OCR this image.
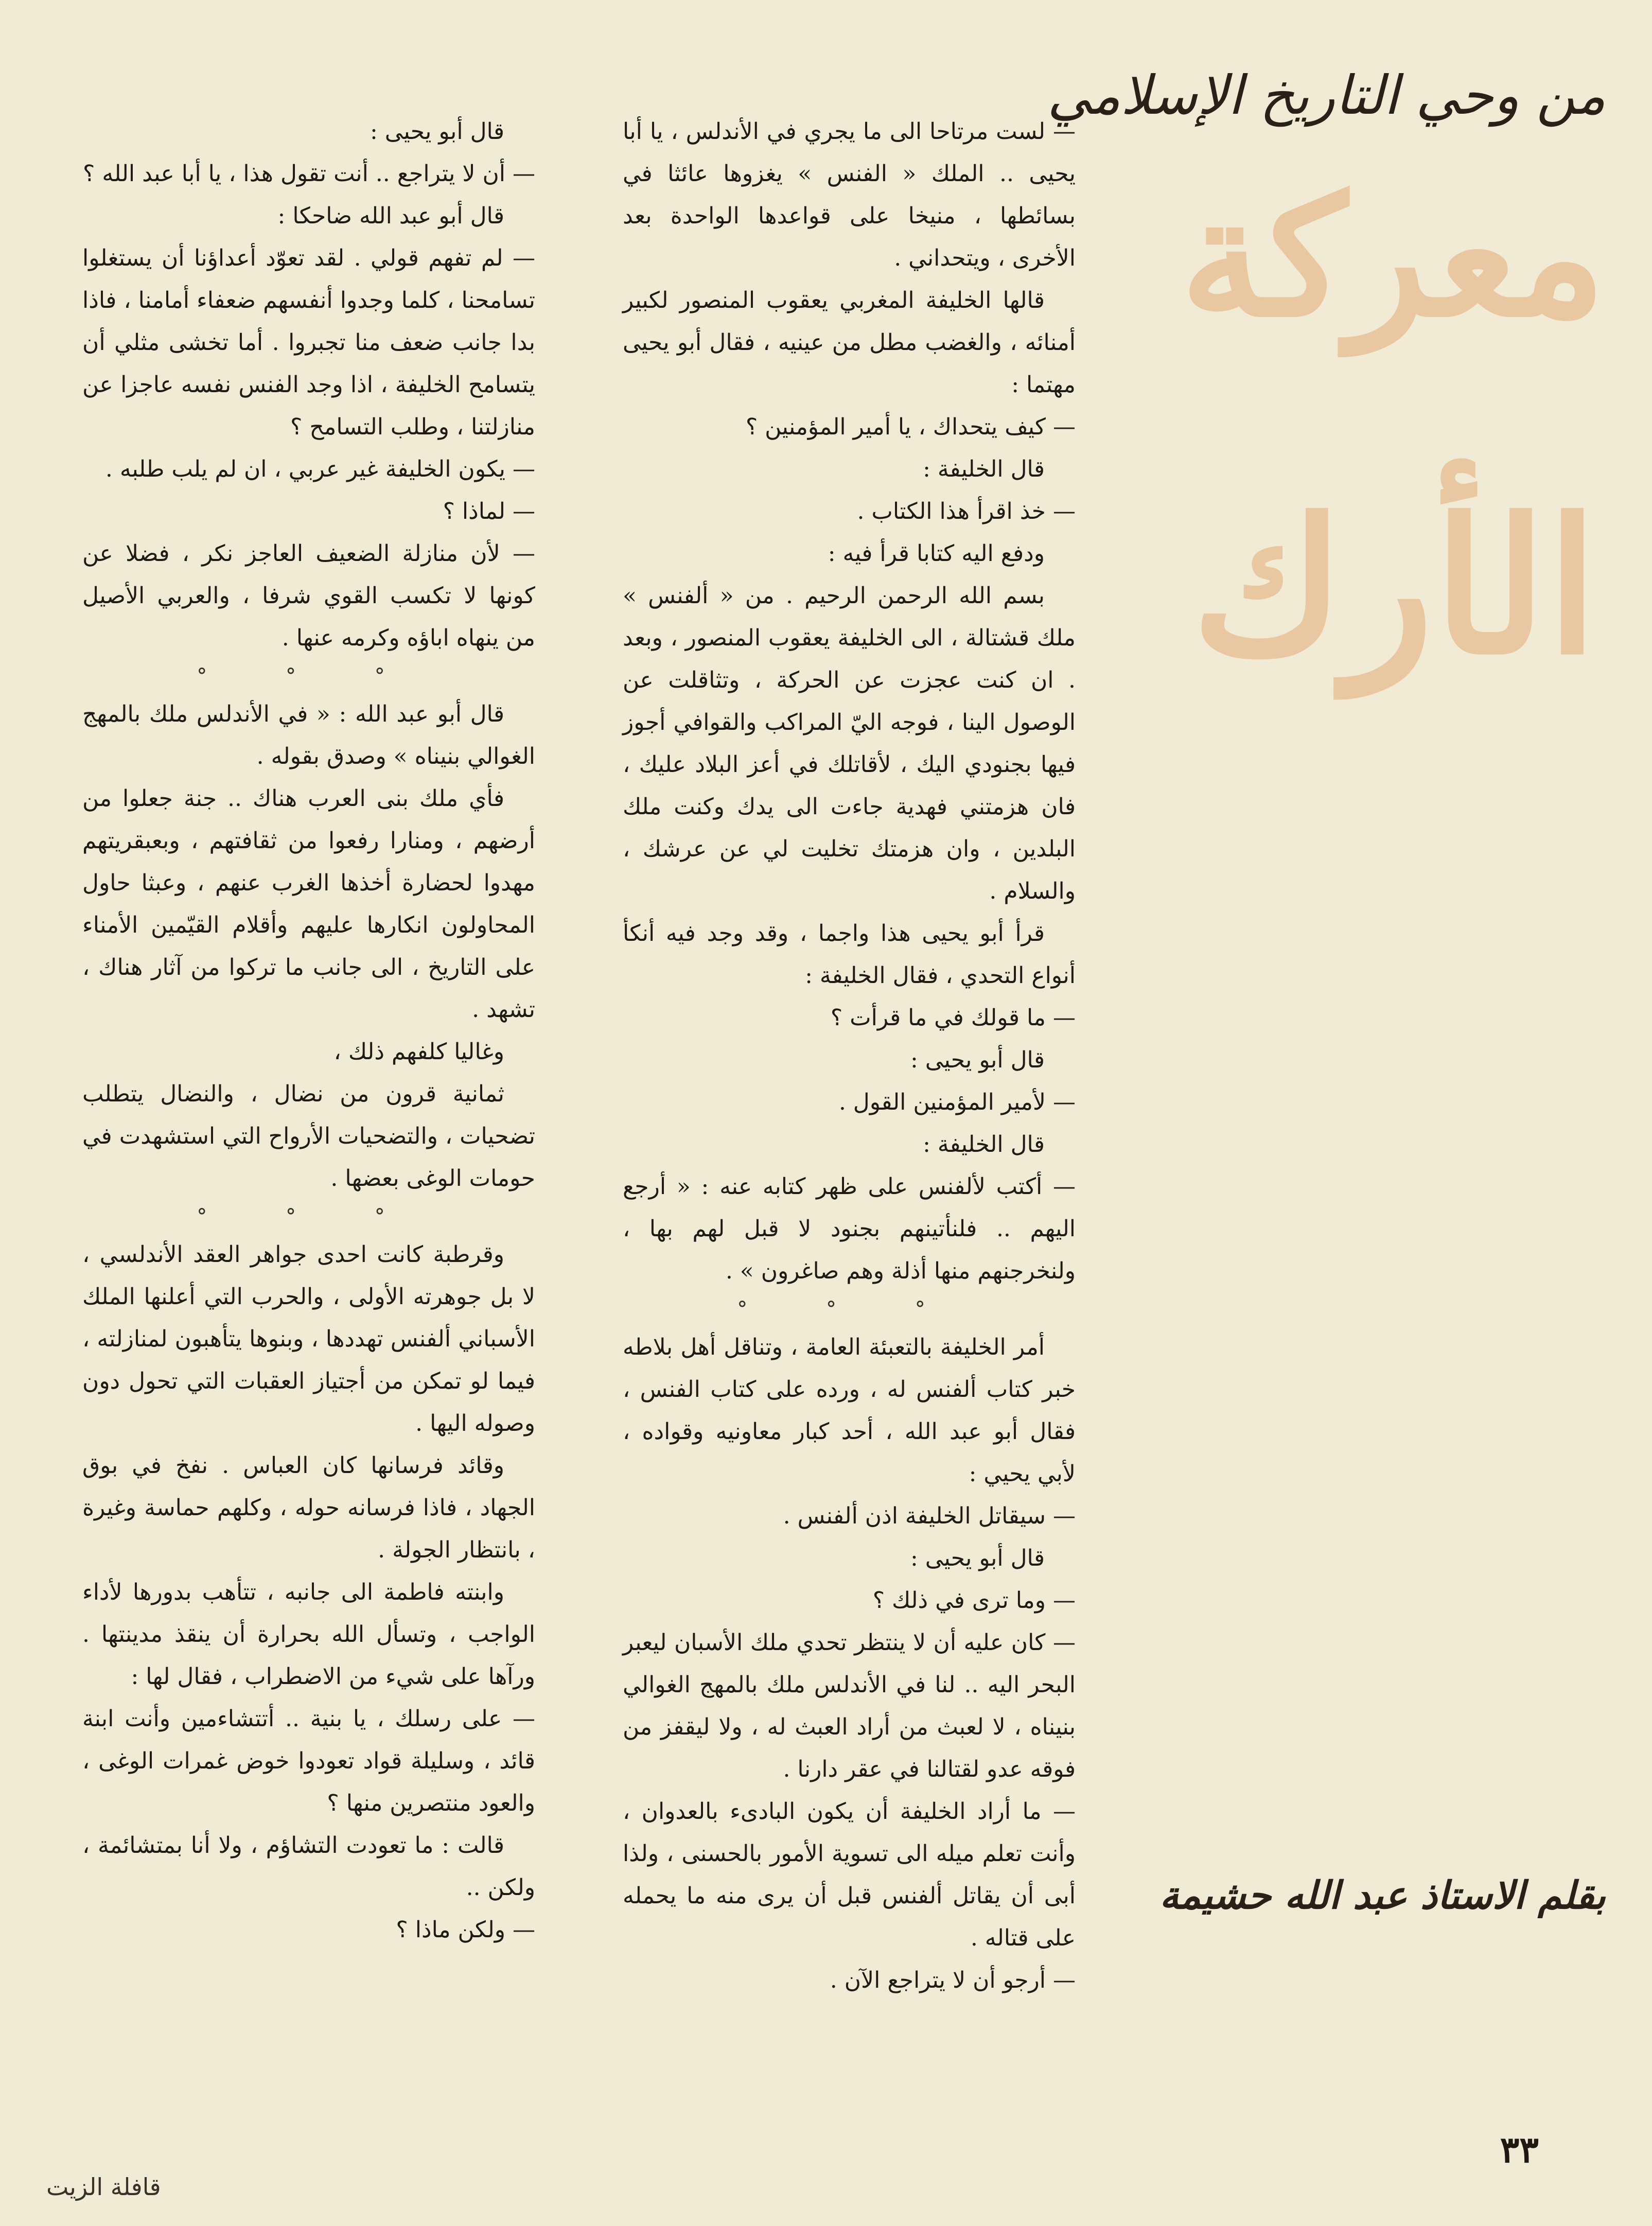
من وحي التاريخ الإسلامي
معركة
الأرك
بقلم الاستاذ عبد الله حشيمة

— لست مرتاحا الى ما يجري في الأندلس ، يا أبا يحيى .. الملك « الفنس » يغزوها عائثا في بسائطها ، منيخا على قواعدها الواحدة بعد الأخرى ، ويتحداني .

قالها الخليفة المغربي يعقوب المنصور لكبير أمنائه ، والغضب مطل من عينيه ، فقال أبو يحيى مهتما :

— كيف يتحداك ، يا أمير المؤمنين ؟

قال الخليفة :

— خذ اقرأ هذا الكتاب .

ودفع اليه كتابا قرأ فيه :

بسم الله الرحمن الرحيم . من « ألفنس » ملك قشتالة ، الى الخليفة يعقوب المنصور ، وبعد . ان كنت عجزت عن الحركة ، وتثاقلت عن الوصول الينا ، فوجه اليّ المراكب والقوافي أجوز فيها بجنودي اليك ، لأقاتلك في أعز البلاد عليك ، فان هزمتني فهدية جاءت الى يدك وكنت ملك البلدين ، وان هزمتك تخليت لي عن عرشك ، والسلام .

قرأ أبو يحيى هذا واجما ، وقد وجد فيه أنكأ أنواع التحدي ، فقال الخليفة :

— ما قولك في ما قرأت ؟

قال أبو يحيى :

— لأمير المؤمنين القول .

قال الخليفة :

— أكتب لألفنس على ظهر كتابه عنه : « أرجع اليهم .. فلنأتينهم بجنود لا قبل لهم بها ، ولنخرجنهم منها أذلة وهم صاغرون » .

° ° °

أمر الخليفة بالتعبئة العامة ، وتناقل أهل بلاطه خبر كتاب ألفنس له ، ورده على كتاب الفنس ، فقال أبو عبد الله ، أحد كبار معاونيه وقواده ، لأبي يحيي :

— سيقاتل الخليفة اذن ألفنس .

قال أبو يحيى :

— وما ترى في ذلك ؟

— كان عليه أن لا ينتظر تحدي ملك الأسبان ليعبر البحر اليه .. لنا في الأندلس ملك بالمهج الغوالي بنيناه ، لا لعبث من أراد العبث له ، ولا ليقفز من فوقه عدو لقتالنا في عقر دارنا .

— ما أراد الخليفة أن يكون البادىء بالعدوان ، وأنت تعلم ميله الى تسوية الأمور بالحسنى ، ولذا أبى أن يقاتل ألفنس قبل أن يرى منه ما يحمله على قتاله .

— أرجو أن لا يتراجع الآن .

قال أبو يحيى :

— أن لا يتراجع .. أنت تقول هذا ، يا أبا عبد الله ؟

قال أبو عبد الله ضاحكا :

— لم تفهم قولي . لقد تعوّد أعداؤنا أن يستغلوا تسامحنا ، كلما وجدوا أنفسهم ضعفاء أمامنا ، فاذا بدا جانب ضعف منا تجبروا . أما تخشى مثلي أن يتسامح الخليفة ، اذا وجد الفنس نفسه عاجزا عن منازلتنا ، وطلب التسامح ؟

— يكون الخليفة غير عربي ، ان لم يلب طلبه .

— لماذا ؟

— لأن منازلة الضعيف العاجز نكر ، فضلا عن كونها لا تكسب القوي شرفا ، والعربي الأصيل من ينهاه اباؤه وكرمه عنها .

° ° °

قال أبو عبد الله : « في الأندلس ملك بالمهج الغوالي بنيناه » وصدق بقوله .

فأي ملك بنى العرب هناك .. جنة جعلوا من أرضهم ، ومنارا رفعوا من ثقافتهم ، وبعبقريتهم مهدوا لحضارة أخذها الغرب عنهم ، وعبثا حاول المحاولون انكارها عليهم وأقلام القيّمين الأمناء على التاريخ ، الى جانب ما تركوا من آثار هناك ، تشهد .

وغاليا كلفهم ذلك ،

ثمانية قرون من نضال ، والنضال يتطلب تضحيات ، والتضحيات الأرواح التي استشهدت في حومات الوغى بعضها .

° ° °

وقرطبة كانت احدى جواهر العقد الأندلسي ، لا بل جوهرته الأولى ، والحرب التي أعلنها الملك الأسباني ألفنس تهددها ، وبنوها يتأهبون لمنازلته ، فيما لو تمكن من أجتياز العقبات التي تحول دون وصوله اليها .

وقائد فرسانها كان العباس . نفخ في بوق الجهاد ، فاذا فرسانه حوله ، وكلهم حماسة وغيرة ، بانتظار الجولة .

وابنته فاطمة الى جانبه ، تتأهب بدورها لأداء الواجب ، وتسأل الله بحرارة أن ينقذ مدينتها . ورآها على شيء من الاضطراب ، فقال لها :

— على رسلك ، يا بنية .. أتتشاءمين وأنت ابنة قائد ، وسليلة قواد تعودوا خوض غمرات الوغى ، والعود منتصرين منها ؟

قالت : ما تعودت التشاؤم ، ولا أنا بمتشائمة ، ولكن ..

— ولكن ماذا ؟

٣٣
قافلة الزيت
